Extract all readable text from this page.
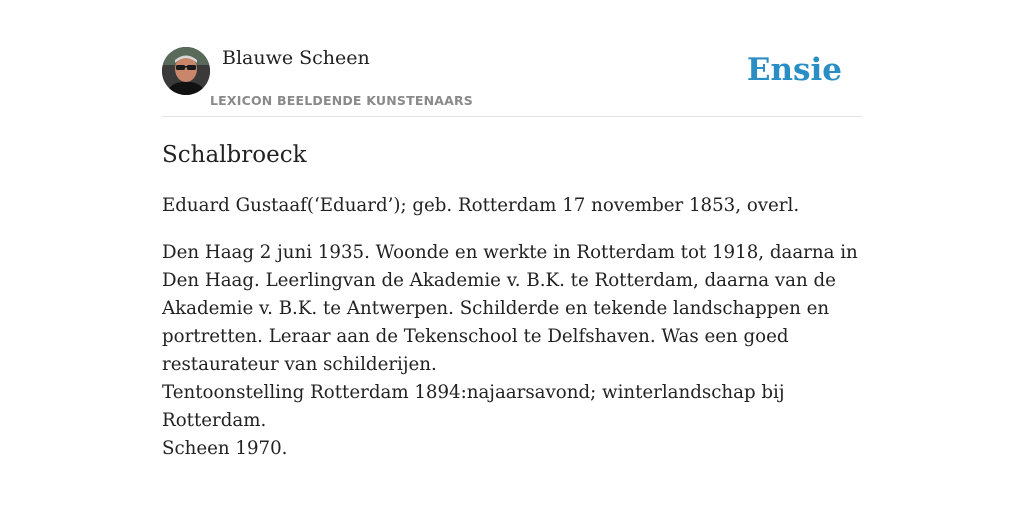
Blauwe Scheen
LEXICON BEELDENDE KUNSTENAARS
Ensie
Schalbroeck

Eduard Gustaaf(‘Eduard’); geb. Rotterdam 17 november 1853, overl.

Den Haag 2 juni 1935. Woonde en werkte in Rotterdam tot 1918, daarna in Den Haag. Leerlingvan de Akademie v. B.K. te Rotterdam, daarna van de Akademie v. B.K. te Antwerpen. Schilderde en tekende landschappen en portretten. Leraar aan de Tekenschool te Delfshaven. Was een goed restaurateur van schilderijen.

Tentoonstelling Rotterdam 1894:najaarsavond; winterlandschap bij Rotterdam.

Scheen 1970.
